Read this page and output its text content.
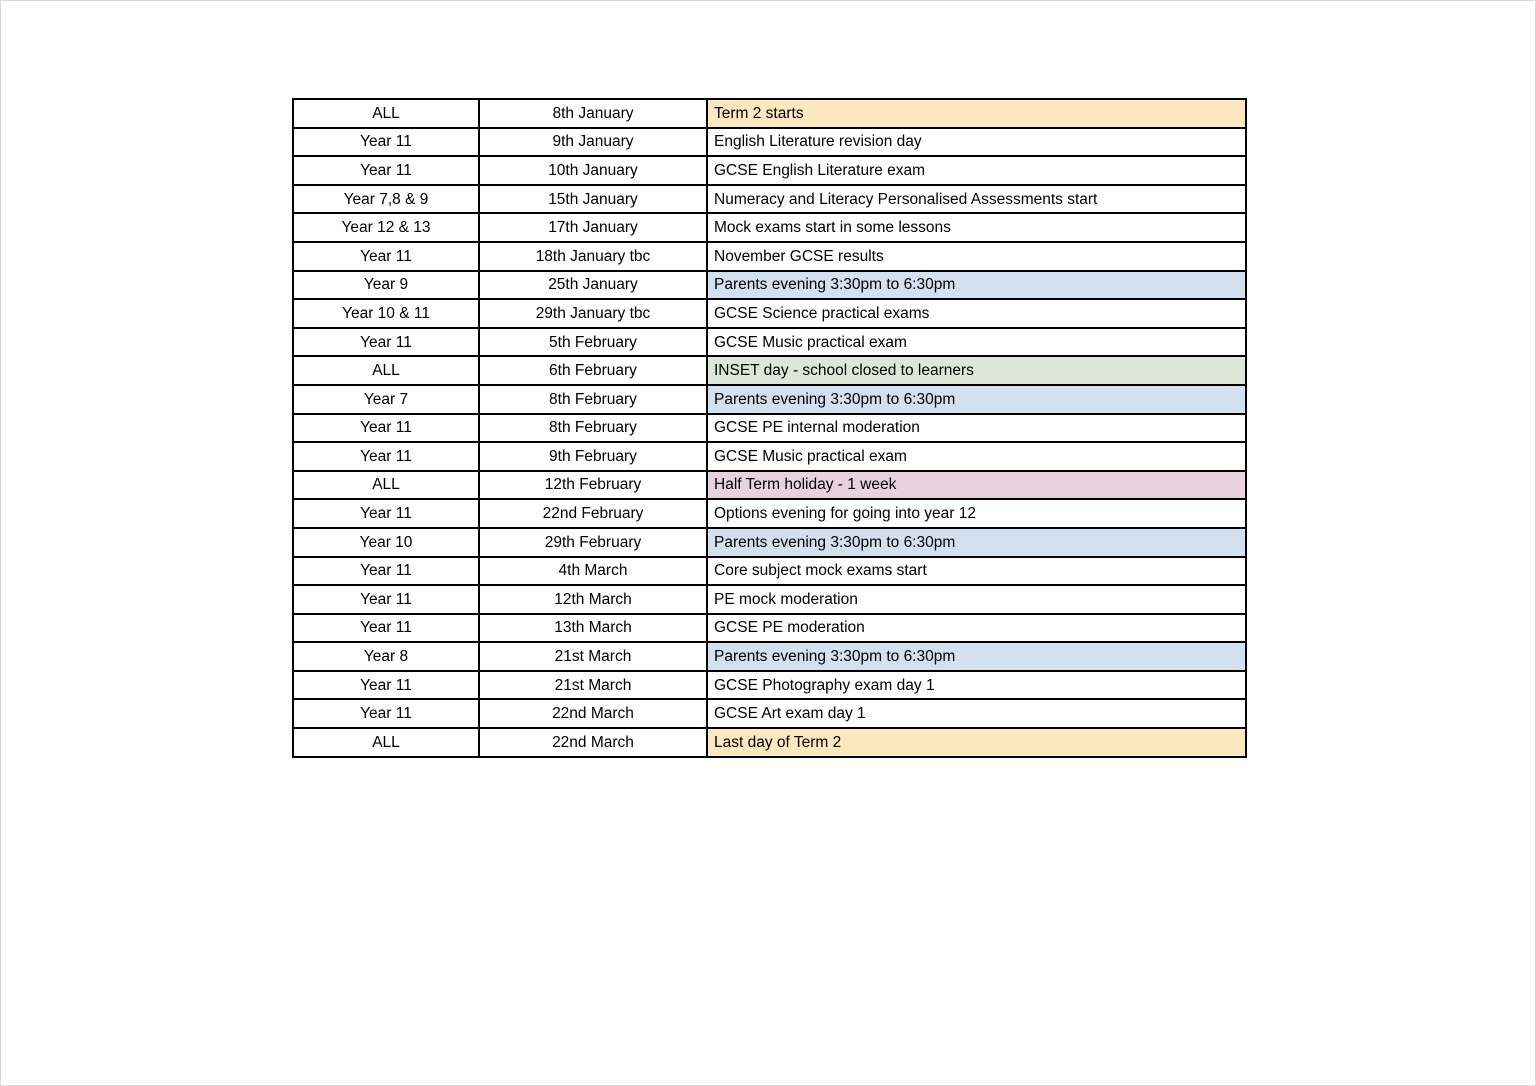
ALL	8th January	Term 2 starts
Year 11	9th January	English Literature revision day
Year 11	10th January	GCSE English Literature exam
Year 7,8 & 9	15th January	Numeracy and Literacy Personalised Assessments start
Year 12 & 13	17th January	Mock exams start in some lessons
Year 11	18th January tbc	November GCSE results
Year 9	25th January	Parents evening 3:30pm to 6:30pm
Year 10 & 11	29th January tbc	GCSE Science practical exams
Year 11	5th February	GCSE Music practical exam
ALL	6th February	INSET day - school closed to learners
Year 7	8th February	Parents evening 3:30pm to 6:30pm
Year 11	8th February	GCSE PE internal moderation
Year 11	9th February	GCSE Music practical exam
ALL	12th February	Half Term holiday - 1 week
Year 11	22nd February	Options evening for going into year 12
Year 10	29th February	Parents evening 3:30pm to 6:30pm
Year 11	4th March	Core subject mock exams start
Year 11	12th March	PE mock moderation
Year 11	13th March	GCSE PE moderation
Year 8	21st March	Parents evening 3:30pm to 6:30pm
Year 11	21st March	GCSE Photography exam day 1
Year 11	22nd March	GCSE Art exam day 1
ALL	22nd March	Last day of Term 2
